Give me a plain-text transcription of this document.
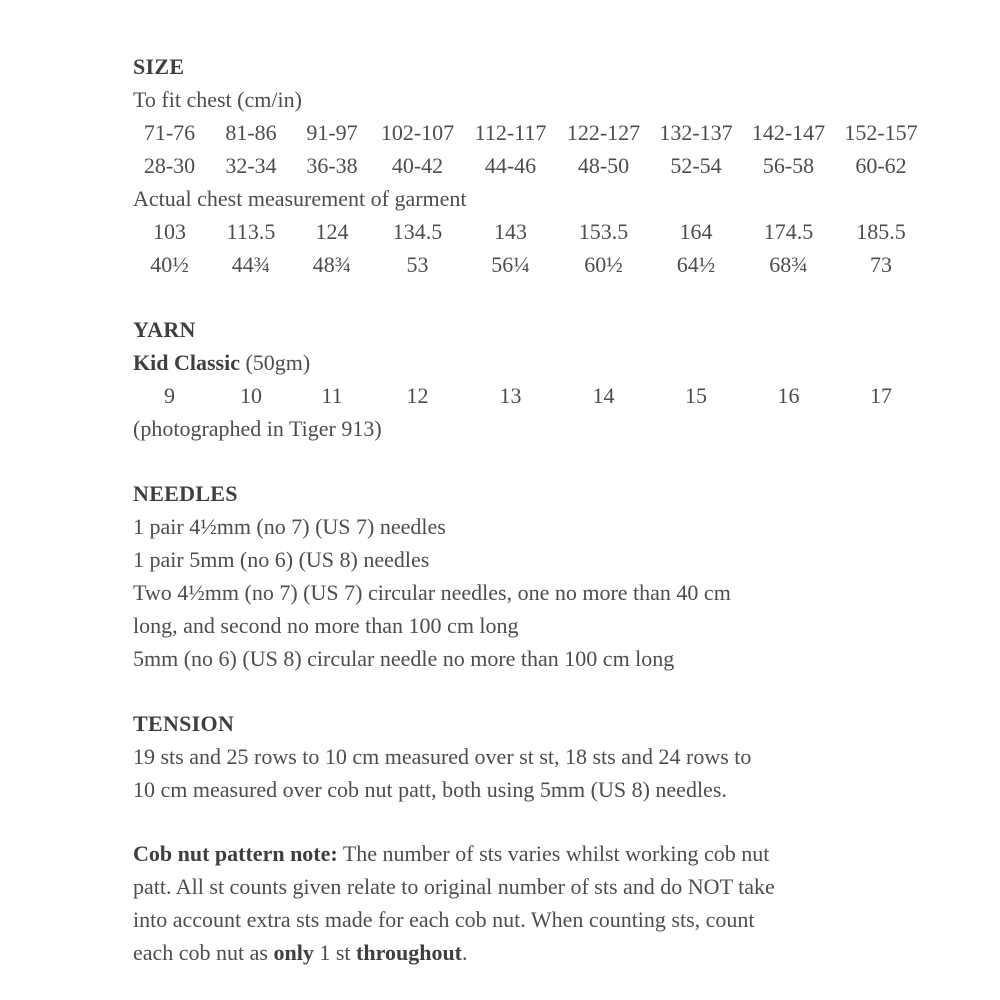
SIZE
To fit chest (cm/in)
71-76	81-86	91-97	102-107 112-117 122-127 132-137 142-147 152-157
28-30	32-34	36-38	40-42	44-46	48-50	52-54	56-58	60-62
Actual chest measurement of garment
103	113.5	124	134.5	143	153.5	164	174.5	185.5
40½	44¾	48¾	53	56¼	60½	64½	68¾	73
YARN
Kid Classic (50gm)
9	10	11	12	13	14	15	16	17
(photographed in Tiger 913)
NEEDLES
1 pair 4½mm (no 7) (US 7) needles
1 pair 5mm (no 6) (US 8) needles
Two 4½mm (no 7) (US 7) circular needles, one no more than 40 cm
long, and second no more than 100 cm long
5mm (no 6) (US 8) circular needle no more than 100 cm long
TENSION
19 sts and 25 rows to 10 cm measured over st st, 18 sts and 24 rows to
10 cm measured over cob nut patt, both using 5mm (US 8) needles.
Cob nut pattern note: The number of sts varies whilst working cob nut
patt. All st counts given relate to original number of sts and do NOT take
into account extra sts made for each cob nut. When counting sts, count
each cob nut as only 1 st throughout.
